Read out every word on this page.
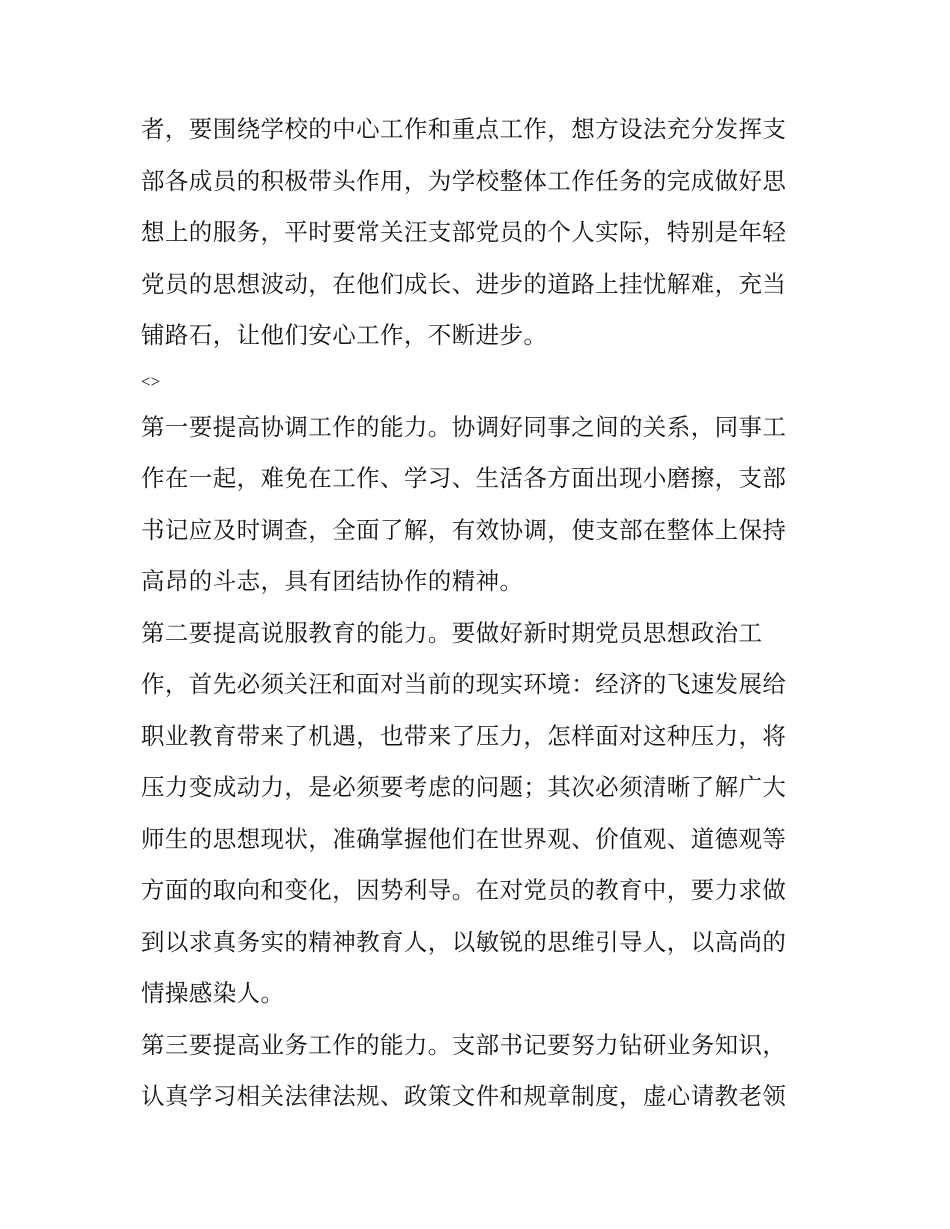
者，要围绕学校的中心工作和重点工作，想方设法充分发挥支
部各成员的积极带头作用，为学校整体工作任务的完成做好思
想上的服务，平时要常关汪支部党员的个人实际，特别是年轻
党员的思想波动，在他们成长、进步的道路上挂忧解难，充当
铺路石，让他们安心工作，不断进步。
<>
第一要提高协调工作的能力。协调好同事之间的关系，同事工
作在一起，难免在工作、学习、生活各方面出现小磨擦，支部
书记应及时调查，全面了解，有效协调，使支部在整体上保持
高昂的斗志，具有团结协作的精神。
第二要提高说服教育的能力。要做好新时期党员思想政治工
作，首先必须关汪和面对当前的现实环境：经济的飞速发展给
职业教育带来了机遇，也带来了压力，怎样面对这种压力，将
压力变成动力，是必须要考虑的问题；其次必须清晰了解广大
师生的思想现状，准确掌握他们在世界观、价值观、道德观等
方面的取向和变化，因势利导。在对党员的教育中，要力求做
到以求真务实的精神教育人，以敏锐的思维引导人，以高尚的
情操感染人。
第三要提高业务工作的能力。支部书记要努力钻研业务知识，
认真学习相关法律法规、政策文件和规章制度，虚心请教老领
